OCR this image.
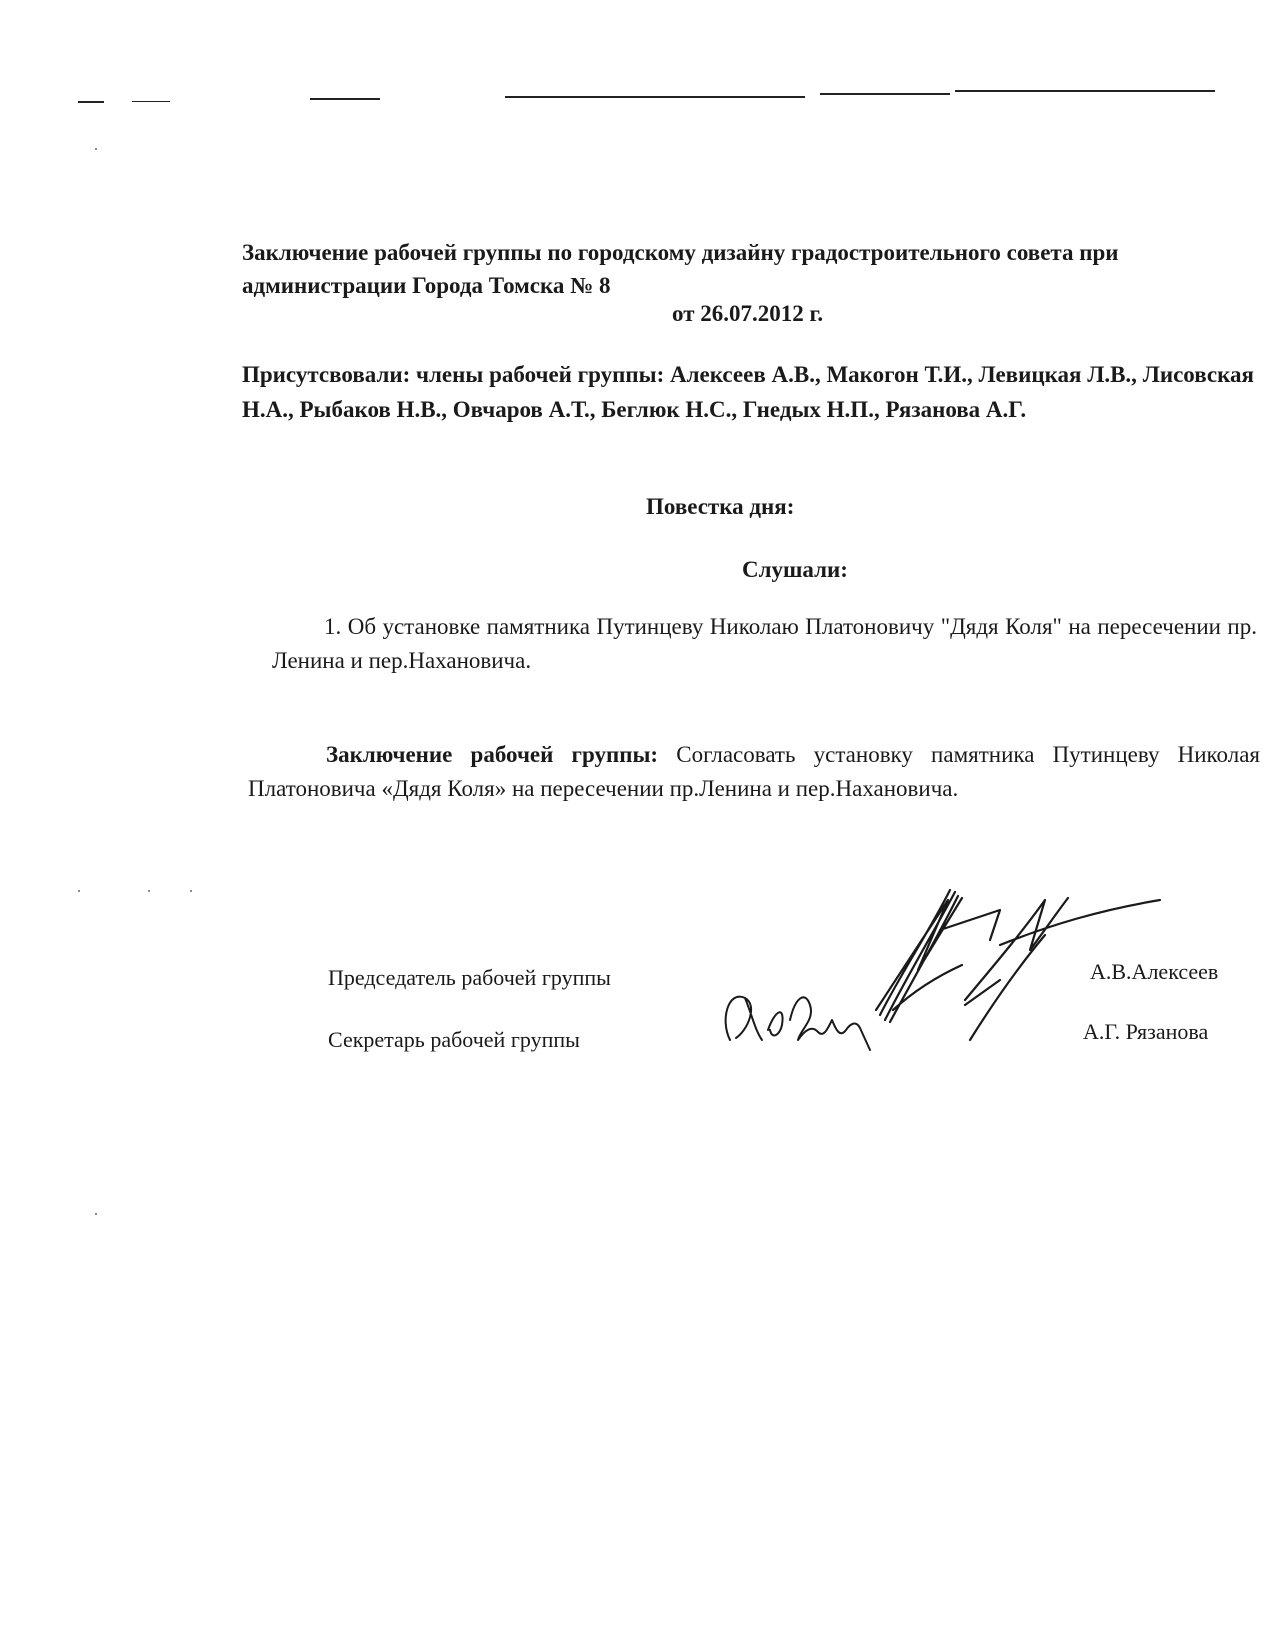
Заключение рабочей группы по городскому дизайну градостроительного совета при администрации Города Томска № 8
от 26.07.2012 г.
Присутсвовали: члены рабочей группы: Алексеев А.В., Макогон Т.И., Левицкая Л.В., Лисовская Н.А., Рыбаков Н.В., Овчаров А.Т., Беглюк Н.С., Гнедых Н.П., Рязанова А.Г.
Повестка дня:
Слушали:
1. Об установке памятника Путинцеву Николаю Платоновичу "Дядя Коля" на пересечении пр. Ленина и пер.Нахановича.
Заключение рабочей группы: Согласовать установку памятника Путинцеву Николая Платоновича «Дядя Коля» на пересечении пр.Ленина и пер.Нахановича.
Председатель рабочей группы	А.В.Алексеев
Секретарь рабочей группы	А.Г. Рязанова
